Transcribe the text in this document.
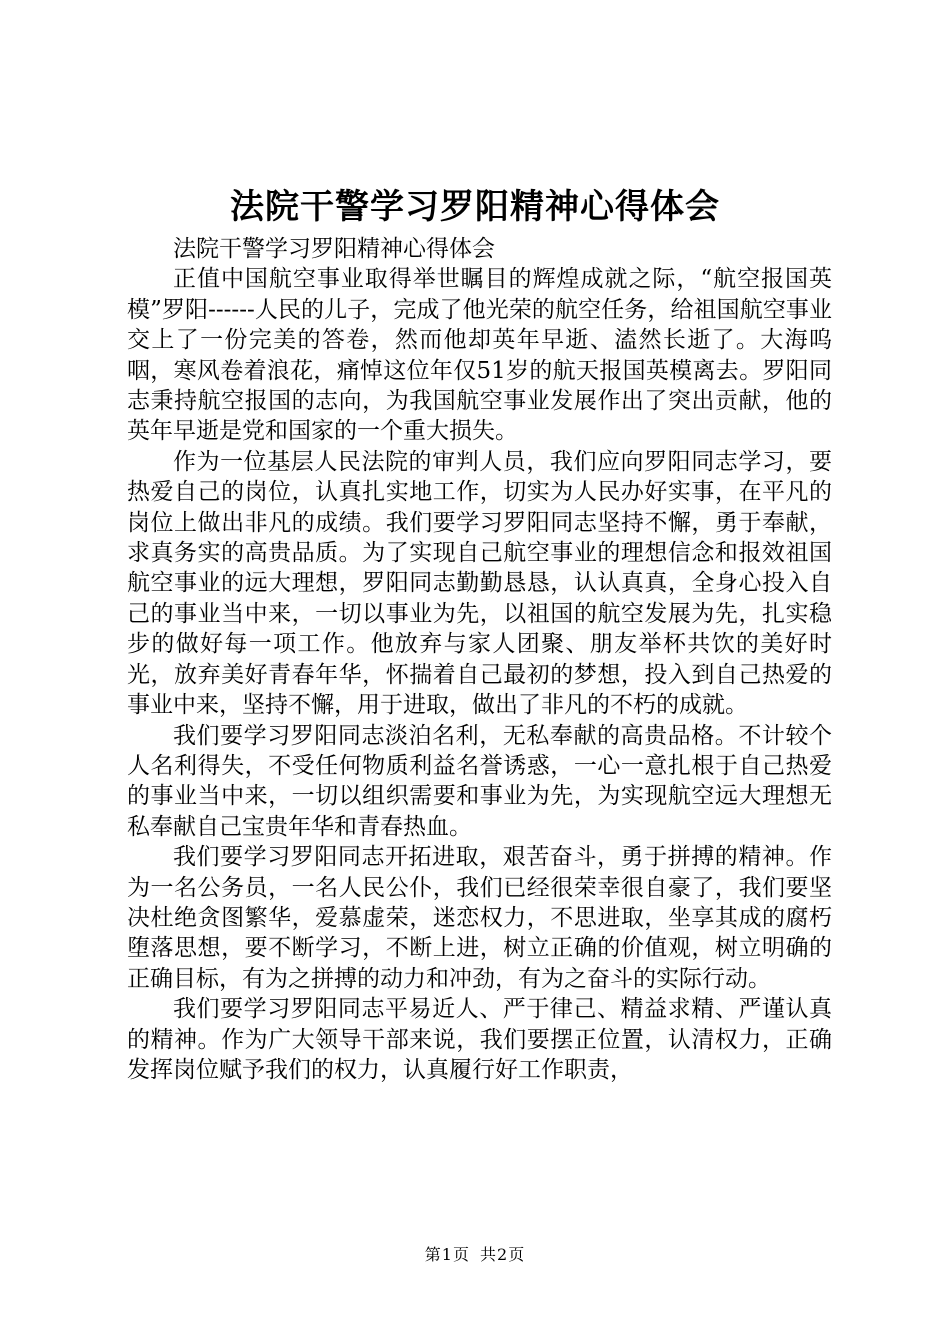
法院干警学习罗阳精神心得体会

法院干警学习罗阳精神心得体会

正值中国航空事业取得举世瞩目的辉煌成就之际，“航空报国英模”罗阳------人民的儿子，完成了他光荣的航空任务，给祖国航空事业交上了一份完美的答卷，然而他却英年早逝、溘然长逝了。大海呜咽，寒风卷着浪花，痛悼这位年仅51岁的航天报国英模离去。罗阳同志秉持航空报国的志向，为我国航空事业发展作出了突出贡献，他的英年早逝是党和国家的一个重大损失。

作为一位基层人民法院的审判人员，我们应向罗阳同志学习，要热爱自己的岗位，认真扎实地工作，切实为人民办好实事，在平凡的岗位上做出非凡的成绩。我们要学习罗阳同志坚持不懈，勇于奉献，求真务实的高贵品质。为了实现自己航空事业的理想信念和报效祖国航空事业的远大理想，罗阳同志勤勤恳恳，认认真真，全身心投入自己的事业当中来，一切以事业为先，以祖国的航空发展为先，扎实稳步的做好每一项工作。他放弃与家人团聚、朋友举杯共饮的美好时光，放弃美好青春年华，怀揣着自己最初的梦想，投入到自己热爱的事业中来，坚持不懈，用于进取，做出了非凡的不朽的成就。

我们要学习罗阳同志淡泊名利，无私奉献的高贵品格。不计较个人名利得失，不受任何物质利益名誉诱惑，一心一意扎根于自己热爱的事业当中来，一切以组织需要和事业为先，为实现航空远大理想无私奉献自己宝贵年华和青春热血。

我们要学习罗阳同志开拓进取，艰苦奋斗，勇于拼搏的精神。作为一名公务员，一名人民公仆，我们已经很荣幸很自豪了，我们要坚决杜绝贪图繁华，爱慕虚荣，迷恋权力，不思进取，坐享其成的腐朽堕落思想，要不断学习，不断上进，树立正确的价值观，树立明确的正确目标，有为之拼搏的动力和冲劲，有为之奋斗的实际行动。

我们要学习罗阳同志平易近人、严于律己、精益求精、严谨认真的精神。作为广大领导干部来说，我们要摆正位置，认清权力，正确发挥岗位赋予我们的权力，认真履行好工作职责，

第1页 共2页
